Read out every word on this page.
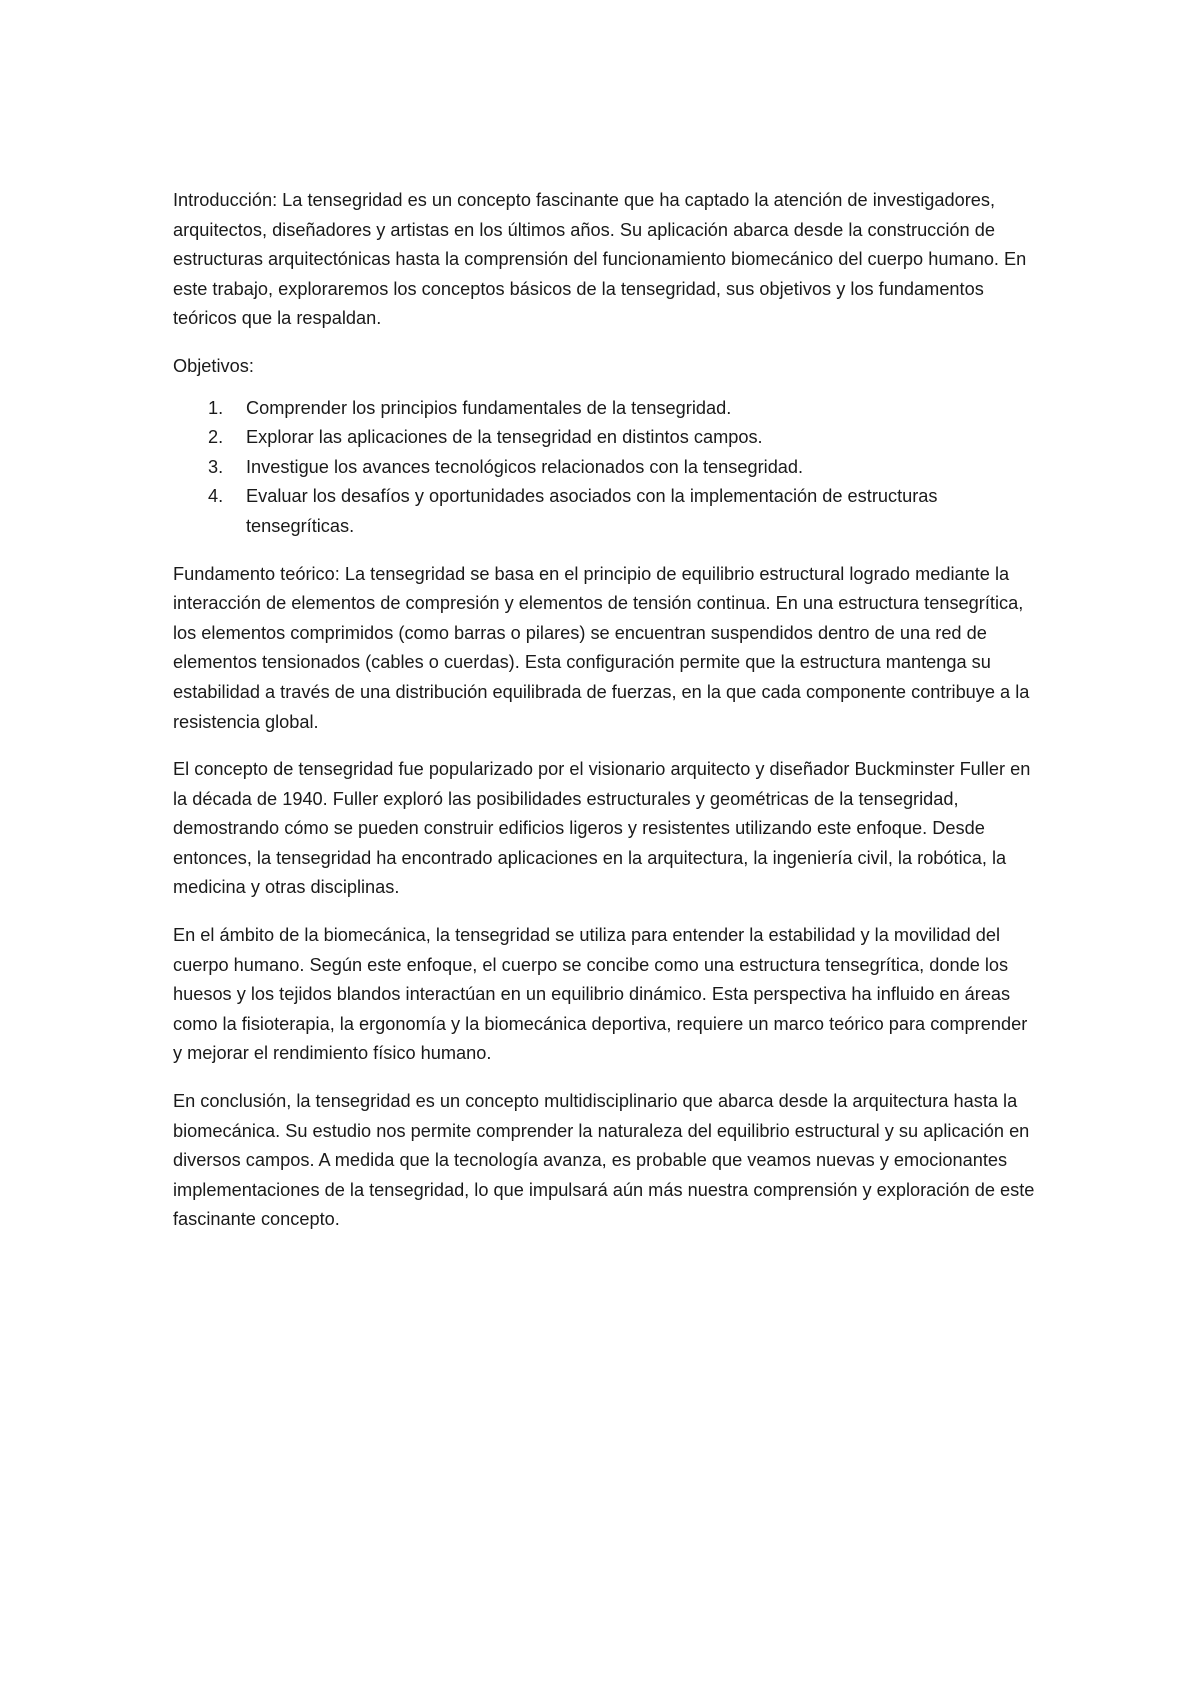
Introducción: La tensegridad es un concepto fascinante que ha captado la atención de investigadores, arquitectos, diseñadores y artistas en los últimos años. Su aplicación abarca desde la construcción de estructuras arquitectónicas hasta la comprensión del funcionamiento biomecánico del cuerpo humano. En este trabajo, exploraremos los conceptos básicos de la tensegridad, sus objetivos y los fundamentos teóricos que la respaldan.

Objetivos:

1.	Comprender los principios fundamentales de la tensegridad.
2.	Explorar las aplicaciones de la tensegridad en distintos campos.
3.	Investigue los avances tecnológicos relacionados con la tensegridad.
4.	Evaluar los desafíos y oportunidades asociados con la implementación de estructuras tensegríticas.

Fundamento teórico: La tensegridad se basa en el principio de equilibrio estructural logrado mediante la interacción de elementos de compresión y elementos de tensión continua. En una estructura tensegrítica, los elementos comprimidos (como barras o pilares) se encuentran suspendidos dentro de una red de elementos tensionados (cables o cuerdas). Esta configuración permite que la estructura mantenga su estabilidad a través de una distribución equilibrada de fuerzas, en la que cada componente contribuye a la resistencia global.

El concepto de tensegridad fue popularizado por el visionario arquitecto y diseñador Buckminster Fuller en la década de 1940. Fuller exploró las posibilidades estructurales y geométricas de la tensegridad, demostrando cómo se pueden construir edificios ligeros y resistentes utilizando este enfoque. Desde entonces, la tensegridad ha encontrado aplicaciones en la arquitectura, la ingeniería civil, la robótica, la medicina y otras disciplinas.

En el ámbito de la biomecánica, la tensegridad se utiliza para entender la estabilidad y la movilidad del cuerpo humano. Según este enfoque, el cuerpo se concibe como una estructura tensegrítica, donde los huesos y los tejidos blandos interactúan en un equilibrio dinámico. Esta perspectiva ha influido en áreas como la fisioterapia, la ergonomía y la biomecánica deportiva, requiere un marco teórico para comprender y mejorar el rendimiento físico humano.

En conclusión, la tensegridad es un concepto multidisciplinario que abarca desde la arquitectura hasta la biomecánica. Su estudio nos permite comprender la naturaleza del equilibrio estructural y su aplicación en diversos campos. A medida que la tecnología avanza, es probable que veamos nuevas y emocionantes implementaciones de la tensegridad, lo que impulsará aún más nuestra comprensión y exploración de este fascinante concepto.
